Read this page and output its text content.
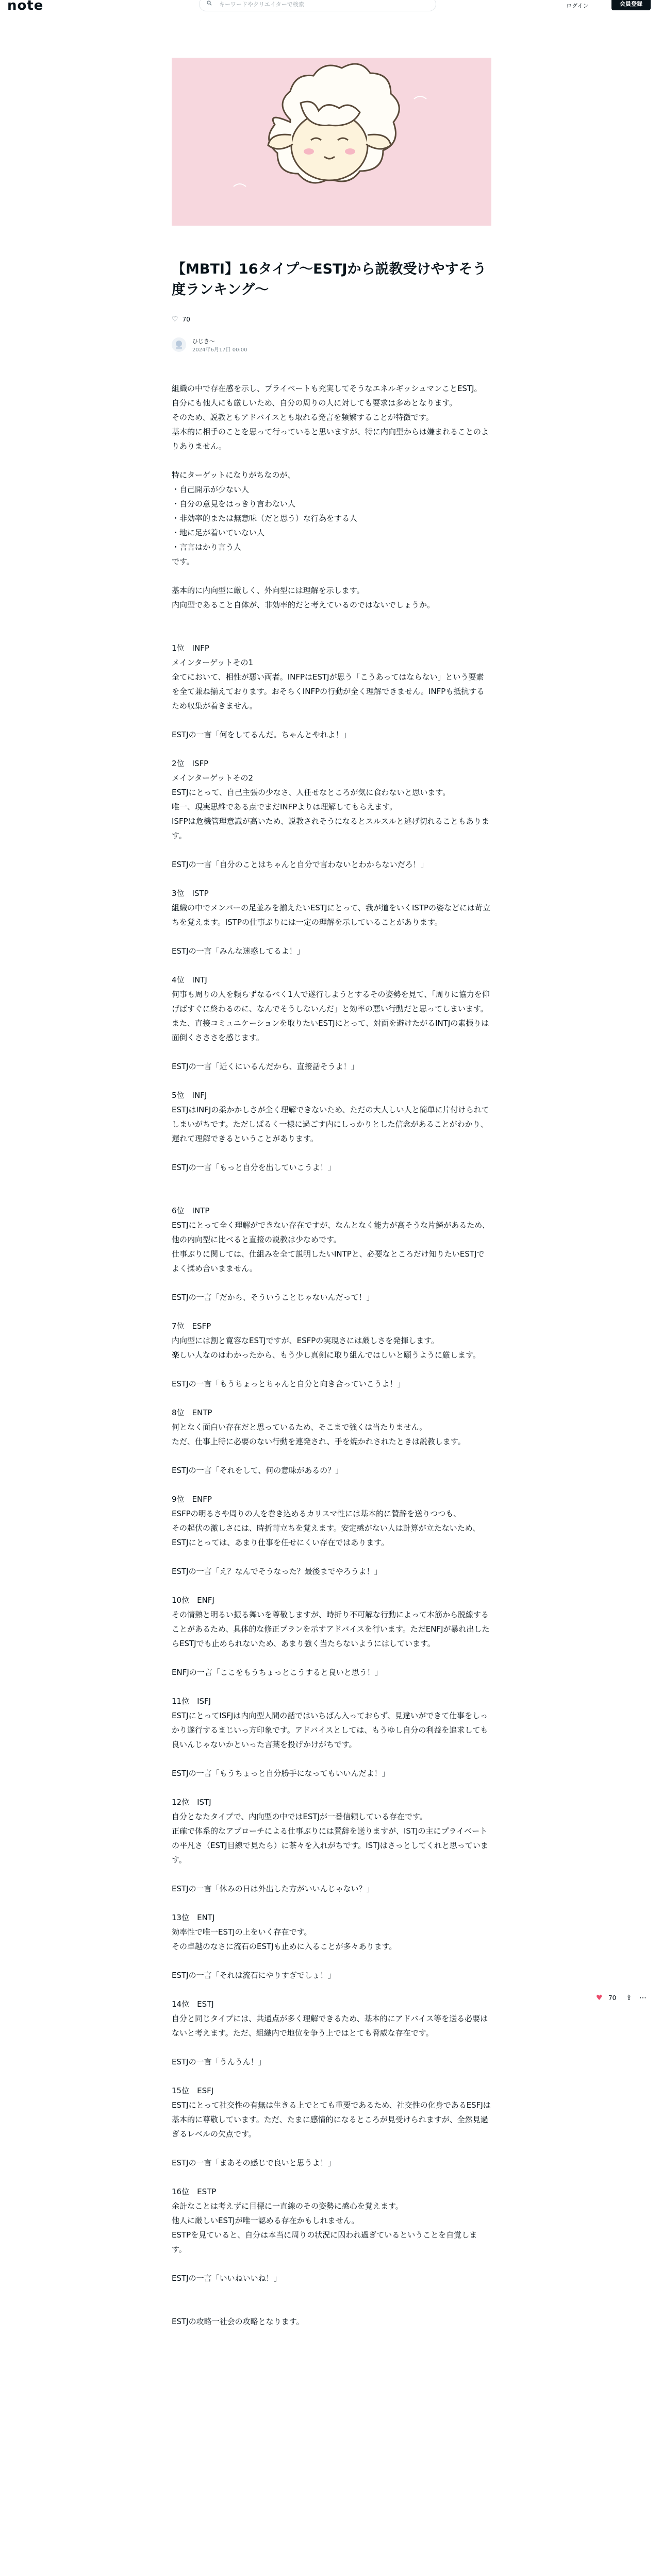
note	キーワードやクリエイターで検索	ログイン	会員登録
【MBTI】16タイプ～ESTJから説教受けやすそう度ランキング～
♡ 70
ひじき～
2024年6月17日 00:00

組織の中で存在感を示し、プライベートも充実してそうなエネルギッシュマンことESTJ。

自分にも他人にも厳しいため、自分の周りの人に対しても要求は多めとなります。

そのため、説教ともアドバイスとも取れる発言を頻繁することが特徴です。

基本的に相手のことを思って行っていると思いますが、特に内向型からは嫌まれることのよりありません。

特にターゲットになりがちなのが、

・自己開示が少ない人

・自分の意見をはっきり言わない人

・非効率的または無意味（だと思う）な行為をする人

・地に足が着いていない人

・言言はかり言う人

です。

基本的に内向型に厳しく、外向型には理解を示します。

内向型であること自体が、非効率的だと考えているのではないでしょうか。

1位　INFP

メインターゲットその1

全てにおいて、相性が悪い両者。INFPはESTJが思う「こうあってはならない」という要素を全て兼ね揃えております。おそらくINFPの行動が全く理解できません。INFPも抵抗するため収集が着きません。

ESTJの一言「何をしてるんだ。ちゃんとやれよ！」

2位　ISFP

メインターゲットその2

ESTJにとって、自己主張の少なさ、人任せなところが気に食わないと思います。

唯一、現実思維である点でまだINFPよりは理解してもらえます。

ISFPは危機管理意識が高いため、説教されそうになるとスルスルと逃げ切れることもあります。

ESTJの一言「自分のことはちゃんと自分で言わないとわからないだろ！」

3位　ISTP

組織の中でメンバーの足並みを揃えたいESTJにとって、我が道をいくISTPの姿などには苛立ちを覚えます。ISTPの仕事ぶりには一定の理解を示していることがあります。

ESTJの一言「みんな迷惑してるよ！」

4位　INTJ

何事も周りの人を頼らずなるべく1人で遂行しようとするその姿勢を見て、「周りに協力を仰げばすぐに終わるのに、なんでそうしないんだ」と効率の悪い行動だと思ってしまいます。また、直接コミュニケーションを取りたいESTJにとって、対面を避けたがるINTJの素振りは面倒くさささを感じます。

ESTJの一言「近くにいるんだから、直接話そうよ！」

5位　INFJ

ESTJはINFJの柔かかしさが全く理解できないため、ただの大人しい人と簡単に片付けられてしまいがちです。ただしぱるく一様に過ごす内にしっかりとした信念があることがわかり、遅れて理解できるということがあります。

ESTJの一言「もっと自分を出していこうよ！」

6位　INTP

ESTJにとって全く理解ができない存在ですが、なんとなく能力が高そうな片鱗があるため、他の内向型に比べると直接の説教は少なめです。

仕事ぶりに関しては、仕組みを全て説明したいINTPと、必要なところだけ知りたいESTJでよく揉め合いまません。

ESTJの一言「だから、そういうことじゃないんだって！」

7位　ESFP

内向型には割と寛容なESTJですが、ESFPの実現さには厳しさを発揮します。

楽しい人なのはわかったから、もう少し真剣に取り組んではしいと願うように厳します。

ESTJの一言「もうちょっとちゃんと自分と向き合っていこうよ！」

8位　ENTP

何となく面白い存在だと思っているため、そこまで強くは当たりません。

ただ、仕事上特に必要のない行動を連発され、手を焼かれされたときは説教します。

ESTJの一言「それをして、何の意味があるの？」

9位　ENFP

ESFPの明るさや周りの人を巻き込めるカリスマ性には基本的に賛辞を送りつつも、

その起伏の激しさには、時折苛立ちを覚えます。安定感がない人は計算が立たないため、ESTJにとっては、あまり仕事を任せにくい存在ではあります。

ESTJの一言「え？なんでそうなった？最後までやろうよ！」

10位　ENFJ

その情熱と明るい振る舞いを尊敬しますが、時折り不可解な行動によって本筋から脱線することがあるため、具体的な修正プランを示すアドバイスを行います。ただENFJが暴れ出したらESTJでも止められないため、あまり強く当たらないようにはしています。

ENFJの一言「ここをもうちょっとこうすると良いと思う！」

11位　ISFJ

ESTJにとってISFJは内向型人間の話ではいちばん入っておらず、見違いができて仕事をしっかり遂行するまじいっ方印象です。アドバイスとしては、もうゆし自分の利益を追求しても良いんじゃないかといった言葉を投げかけがちです。

ESTJの一言「もうちょっと自分勝手になってもいいんだよ！」

12位　ISTJ

自分となたタイプで、内向型の中ではESTJが一番信頼している存在です。

正確で体系的なアプローチによる仕事ぶりには賛辞を送りますが、ISTJの主にプライベートの平凡さ（ESTJ目線で見たら）に茶々を入れがちです。ISTJはさっとしてくれと思っています。

ESTJの一言「休みの日は外出した方がいいんじゃない？」

13位　ENTJ

効率性で唯一ESTJの上をいく存在です。

その卓越のなさに流石のESTJも止めに入ることが多々あります。

ESTJの一言「それは流石にやりすぎでしょ！」

14位　ESTJ

自分と同じタイプには、共通点が多く理解できるため、基本的にアドバイス等を送る必要はないと考えます。ただ、組織内で地位を争う上ではとても脅威な存在です。

ESTJの一言「うんうん！」

15位　ESFJ

ESTJにとって社交性の有無は生きる上でとても重要であるため、社交性の化身であるESFJは基本的に尊敬しています。ただ、たまに感情的になるところが見受けられますが、全然見過ぎるレベルの欠点です。

ESTJの一言「まあその感じで良いと思うよ！」

16位　ESTP

余計なことは考えずに目標に一直線のその姿勢に感心を覚えます。

他人に厳しいESTJが唯一認める存在かもしれません。

ESTPを見ていると、自分は本当に周りの状況に囚われ過ぎているということを自覚します。

ESTJの一言「いいねいいね！」

ESTJの攻略一社会の攻略となります。

♥ 70 ⇪ ⋯
